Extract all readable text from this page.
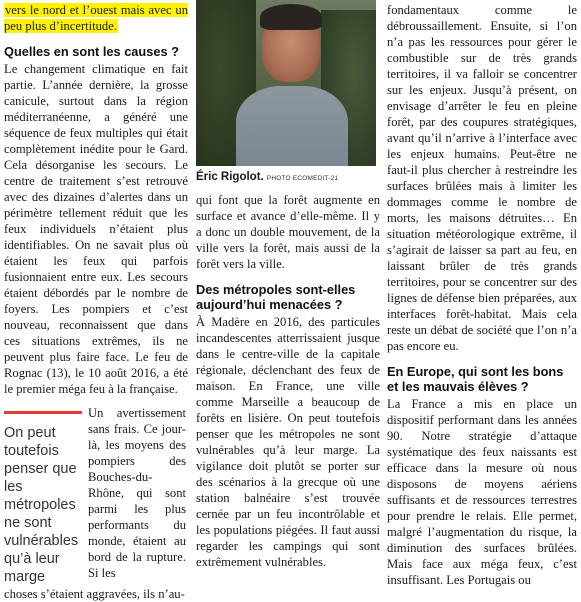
vers le nord et l’ouest mais avec un peu plus d’incertitude.

Quelles en sont les causes ?

Le changement climatique en fait partie. L’année dernière, la grosse canicule, surtout dans la région méditerranéenne, a généré une séquence de feux multiples qui était complètement inédite pour le Gard. Cela désorganise les secours. Le centre de traitement s’est retrouvé avec des dizaines d’alertes dans un périmètre tellement réduit que les feux individuels n’étaient plus identifiables. On ne savait plus où étaient les feux qui parfois fusionnaient entre eux. Les secours étaient débordés par le nombre de foyers. Les pompiers et c’est nouveau, reconnaissent que dans ces situations extrêmes, ils ne peuvent plus faire face. Le feu de Rognac (13), le 10 août 2016, a été le premier méga feu à la française.

On peut toutefois penser que les métropoles ne sont vulnérables qu’à leur marge

Un avertissement sans frais. Ce jour-là, les moyens des pompiers des Bouches-du-Rhône, qui sont parmi les plus performants du monde, étaient au bord de la rupture. Si les

choses s’étaient aggravées, ils n’au-

Éric Rigolot. PHOTO ECOMEDIT-21

qui font que la forêt augmente en surface et avance d’elle-même. Il y a donc un double mouvement, de la ville vers la forêt, mais aussi de la forêt vers la ville.

Des métropoles sont-elles aujourd’hui menacées ?

À Madère en 2016, des particules incandescentes atterrissaient jusque dans le centre-ville de la capitale régionale, déclenchant des feux de maison. En France, une ville comme Marseille a beaucoup de forêts en lisière. On peut toutefois penser que les métropoles ne sont vulnérables qu’à leur marge. La vigilance doit plutôt se porter sur des scénarios à la grecque où une station balnéaire s’est trouvée cernée par un feu incontrôlable et les populations piégées. Il faut aussi regarder les campings qui sont extrêmement vulnérables.

fondamentaux comme le débroussaillement. Ensuite, si l’on n’a pas les ressources pour gérer le combustible sur de très grands territoires, il va falloir se concentrer sur les enjeux. Jusqu’à présent, on envisage d’arrêter le feu en pleine forêt, par des coupures stratégiques, avant qu’il n’arrive à l’interface avec les enjeux humains. Peut-être ne faut-il plus chercher à restreindre les surfaces brûlées mais à limiter les dommages comme le nombre de morts, les maisons détruites… En situation météorologique extrême, il s’agirait de laisser sa part au feu, en laissant brûler de très grands territoires, pour se concentrer sur des lignes de défense bien préparées, aux interfaces forêt-habitat. Mais cela reste un débat de société que l’on n’a pas encore eu.

En Europe, qui sont les bons et les mauvais élèves ?

La France a mis en place un dispositif performant dans les années 90. Notre stratégie d’attaque systématique des feux naissants est efficace dans la mesure où nous disposons de moyens aériens suffisants et de ressources terrestres pour prendre le relais. Elle permet, malgré l’augmentation du risque, la diminution des surfaces brûlées. Mais face aux méga feux, c’est insuffisant. Les Portugais ou
